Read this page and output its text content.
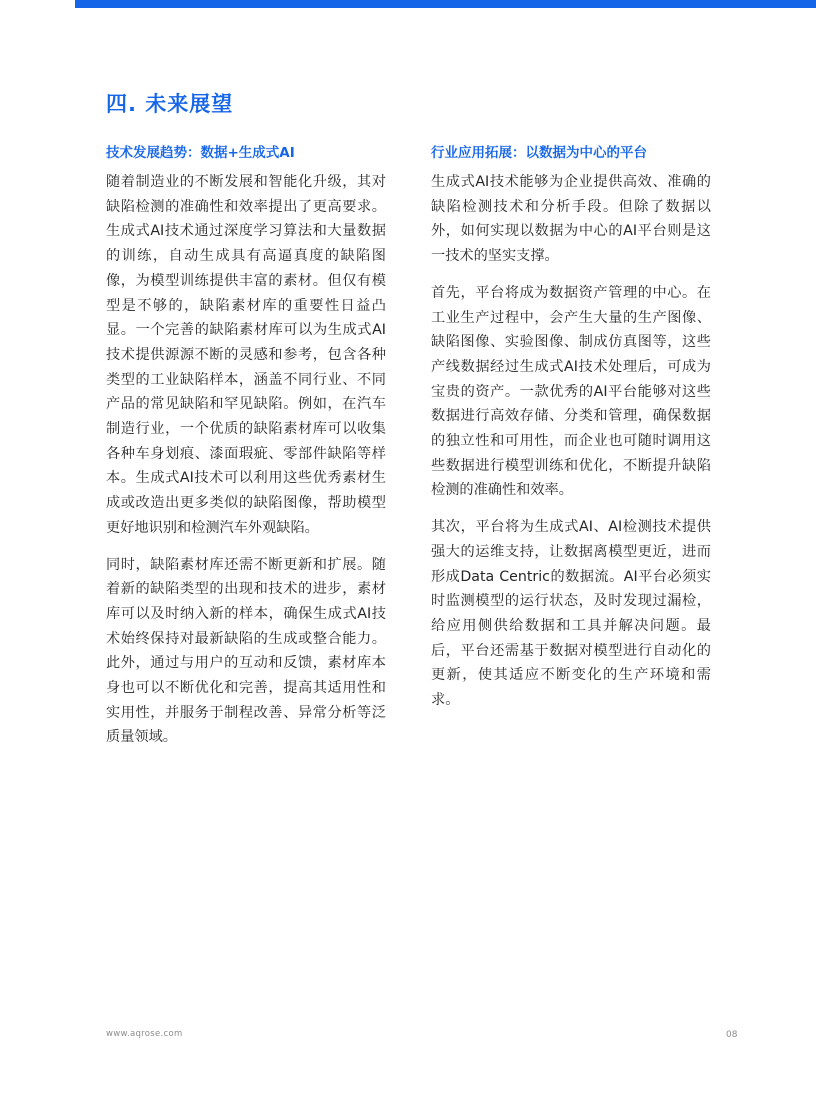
四. 未来展望
技术发展趋势：数据+生成式AI

随着制造业的不断发展和智能化升级，其对缺陷检测的准确性和效率提出了更高要求。生成式AI技术通过深度学习算法和大量数据的训练，自动生成具有高逼真度的缺陷图像，为模型训练提供丰富的素材。但仅有模型是不够的，缺陷素材库的重要性日益凸显。一个完善的缺陷素材库可以为生成式AI技术提供源源不断的灵感和参考，包含各种类型的工业缺陷样本，涵盖不同行业、不同产品的常见缺陷和罕见缺陷。例如，在汽车制造行业，一个优质的缺陷素材库可以收集各种车身划痕、漆面瑕疵、零部件缺陷等样本。生成式AI技术可以利用这些优秀素材生成或改造出更多类似的缺陷图像，帮助模型更好地识别和检测汽车外观缺陷。

同时，缺陷素材库还需不断更新和扩展。随着新的缺陷类型的出现和技术的进步，素材库可以及时纳入新的样本，确保生成式AI技术始终保持对最新缺陷的生成或整合能力。此外，通过与用户的互动和反馈，素材库本身也可以不断优化和完善，提高其适用性和实用性，并服务于制程改善、异常分析等泛质量领域。

行业应用拓展：以数据为中心的平台

生成式AI技术能够为企业提供高效、准确的缺陷检测技术和分析手段。但除了数据以外，如何实现以数据为中心的AI平台则是这一技术的坚实支撑。

首先，平台将成为数据资产管理的中心。在工业生产过程中，会产生大量的生产图像、缺陷图像、实验图像、制成仿真图等，这些产线数据经过生成式AI技术处理后，可成为宝贵的资产。一款优秀的AI平台能够对这些数据进行高效存储、分类和管理，确保数据的独立性和可用性，而企业也可随时调用这些数据进行模型训练和优化，不断提升缺陷检测的准确性和效率。

其次，平台将为生成式AI、AI检测技术提供强大的运维支持，让数据离模型更近，进而形成Data Centric的数据流。AI平台必须实时监测模型的运行状态，及时发现过漏检，给应用侧供给数据和工具并解决问题。最后，平台还需基于数据对模型进行自动化的更新，使其适应不断变化的生产环境和需求。

www.aqrose.com	08
